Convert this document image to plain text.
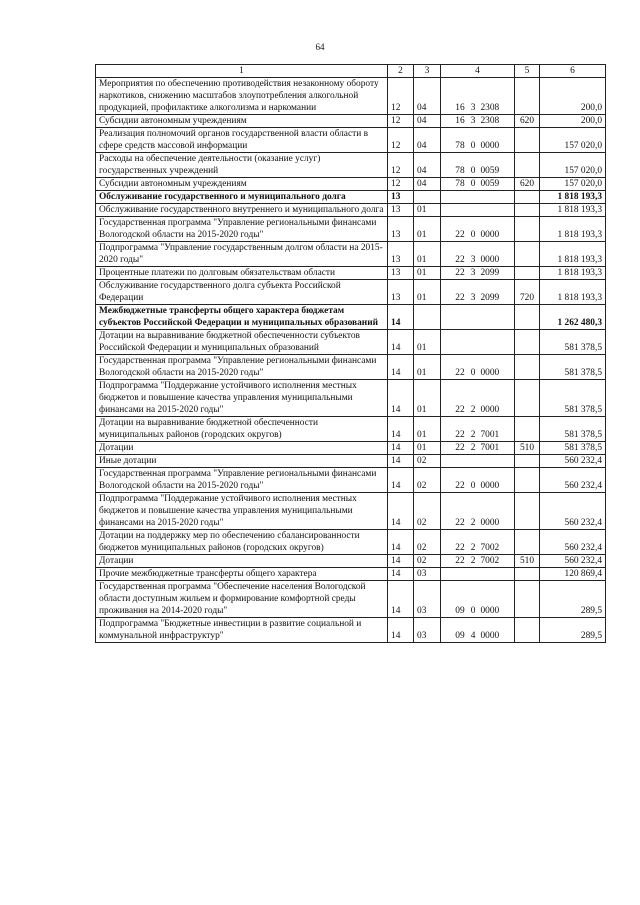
64
1	2	3	4	5	6
Мероприятия по обеспечению противодействия незаконному обороту наркотиков, снижению масштабов злоупотребления алкогольной продукцией, профилактике алкоголизма и наркомании	12	04	16 3 2308		200,0
Субсидии автономным учреждениям	12	04	16 3 2308	620	200,0
Реализация полномочий органов государственной власти области в сфере средств массовой информации	12	04	78 0 0000		157 020,0
Расходы на обеспечение деятельности (оказание услуг) государственных учреждений	12	04	78 0 0059		157 020,0
Субсидии автономным учреждениям	12	04	78 0 0059	620	157 020,0
Обслуживание государственного и муниципального долга	13				1 818 193,3
Обслуживание государственного внутреннего и муниципального долга	13	01			1 818 193,3
Государственная программа "Управление региональными финансами Вологодской области на 2015-2020 годы"	13	01	22 0 0000		1 818 193,3
Подпрограмма "Управление государственным долгом области на 2015-2020 годы"	13	01	22 3 0000		1 818 193,3
Процентные платежи по долговым обязательствам области	13	01	22 3 2099		1 818 193,3
Обслуживание государственного долга субъекта Российской Федерации	13	01	22 3 2099	720	1 818 193,3
Межбюджетные трансферты общего характера бюджетам субъектов Российской Федерации и муниципальных образований	14				1 262 480,3
Дотации на выравнивание бюджетной обеспеченности субъектов Российской Федерации и муниципальных образований	14	01			581 378,5
Государственная программа "Управление региональными финансами Вологодской области на 2015-2020 годы"	14	01	22 0 0000		581 378,5
Подпрограмма "Поддержание устойчивого исполнения местных бюджетов и повышение качества управления муниципальными финансами на 2015-2020 годы"	14	01	22 2 0000		581 378,5
Дотации на выравнивание бюджетной обеспеченности муниципальных районов (городских округов)	14	01	22 2 7001		581 378,5
Дотации	14	01	22 2 7001	510	581 378,5
Иные дотации	14	02			560 232,4
Государственная программа "Управление региональными финансами Вологодской области на 2015-2020 годы"	14	02	22 0 0000		560 232,4
Подпрограмма "Поддержание устойчивого исполнения местных бюджетов и повышение качества управления муниципальными финансами на 2015-2020 годы"	14	02	22 2 0000		560 232,4
Дотации на поддержку мер по обеспечению сбалансированности бюджетов муниципальных районов (городских округов)	14	02	22 2 7002		560 232,4
Дотации	14	02	22 2 7002	510	560 232,4
Прочие межбюджетные трансферты общего характера	14	03			120 869,4
Государственная программа "Обеспечение населения Вологодской области доступным жильем и формирование комфортной среды проживания на 2014-2020 годы"	14	03	09 0 0000		289,5
Подпрограмма "Бюджетные инвестиции в развитие социальной и коммунальной инфраструктур"	14	03	09 4 0000		289,5
